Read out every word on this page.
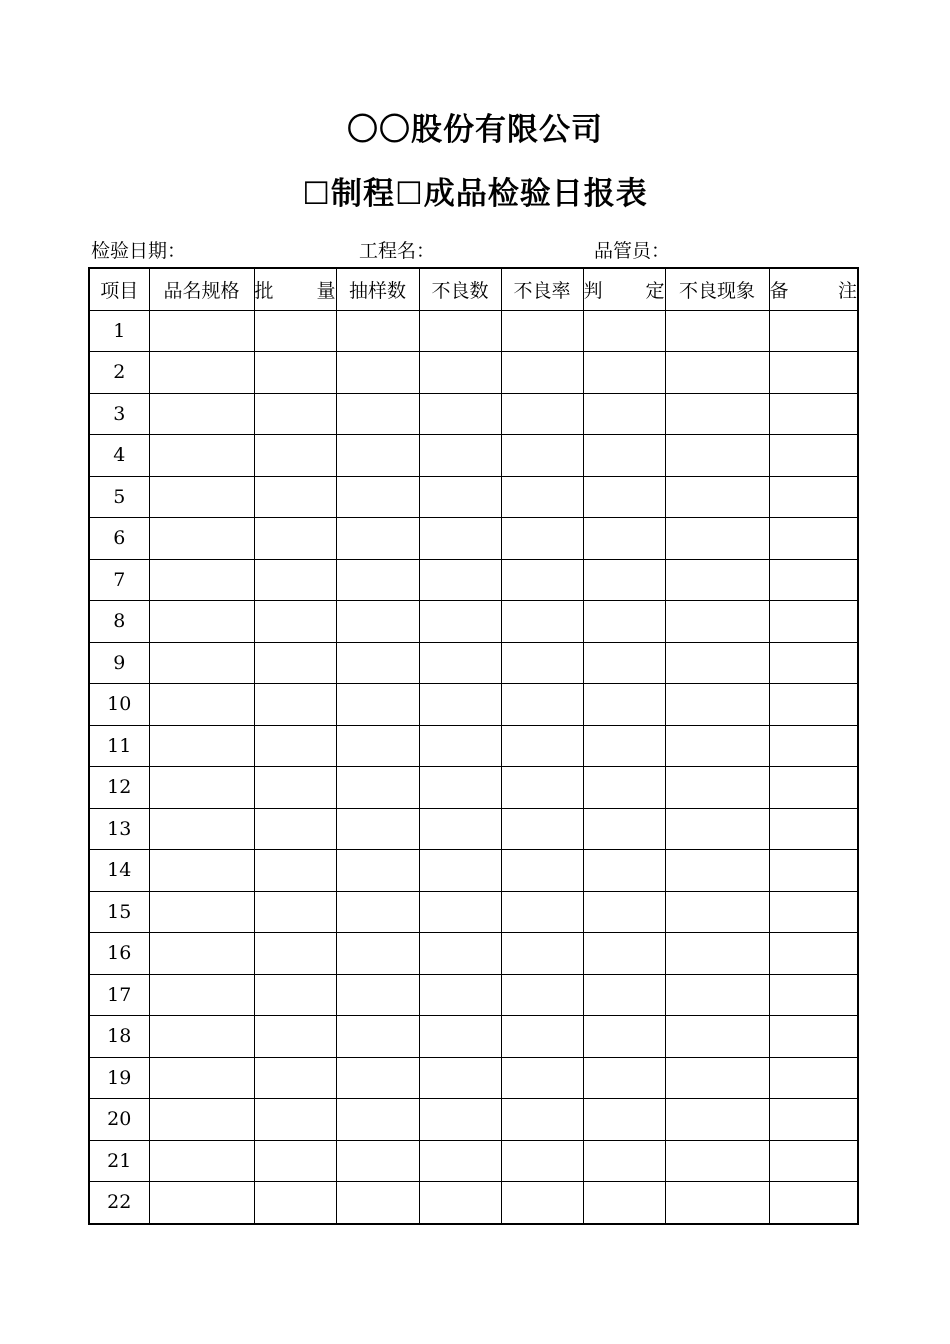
〇〇股份有限公司
☐制程☐成品检验日报表
检验日期：	工程名：	品管员：
项目	品名规格	批　量	抽样数	不良数	不良率	判　定	不良现象	备　注
1								
2								
3								
4								
5								
6								
7								
8								
9								
10								
11								
12								
13								
14								
15								
16								
17								
18								
19								
20								
21								
22								
